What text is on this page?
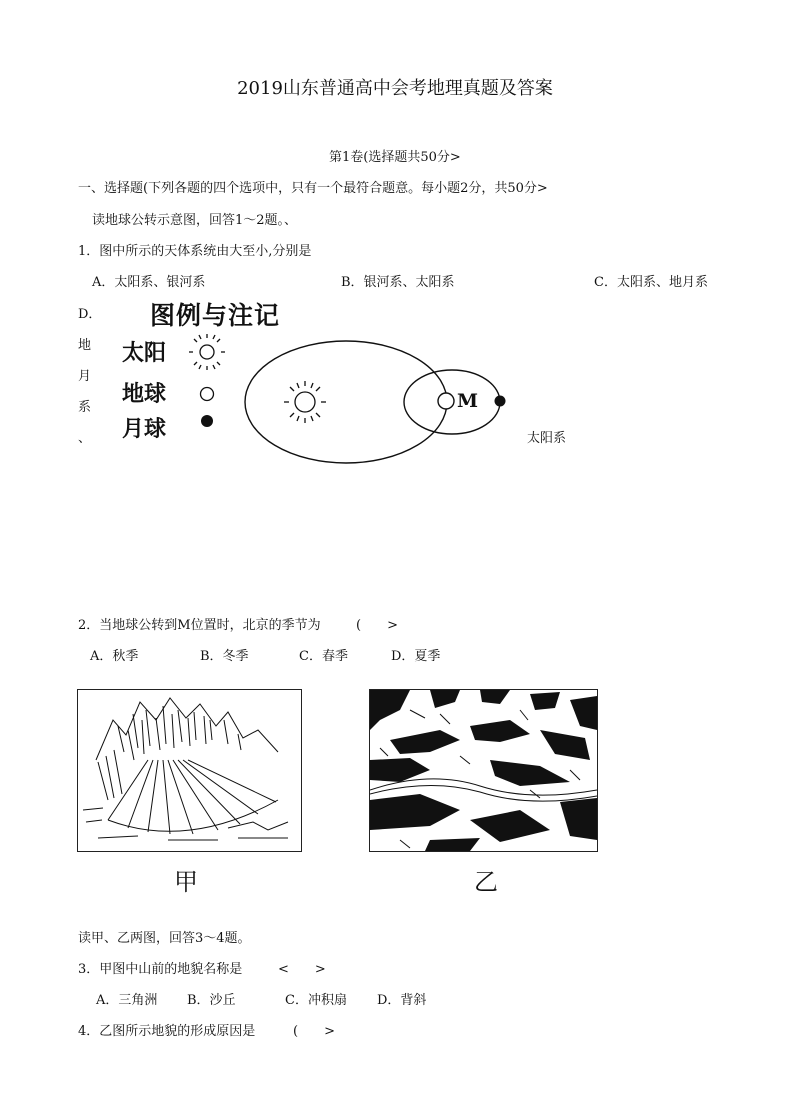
2019山东普通高中会考地理真题及答案
第1卷(选择题共50分>
一、选择题(下列各题的四个选项中，只有一个最符合题意。每小题2分，共50分>
读地球公转示意图，回答1～2题。、
1．图中所示的天体系统由大至小,分别是
A．太阳系、银河系	B．银河系、太阳系	C．太阳系、地月系
D．
地
月
系
、
图例与注记
太阳
地球
月球
M
太阳系
2．当地球公转到M位置时，北京的季节为	(　　>
A．秋季	B．冬季	C．春季	D．夏季
甲	乙
读甲、乙两图，回答3～4题。
3．甲图中山前的地貌名称是	<　　>
A．三角洲 B．沙丘	C．冲积扇 D．背斜
4．乙图所示地貌的形成原因是	(　　>
